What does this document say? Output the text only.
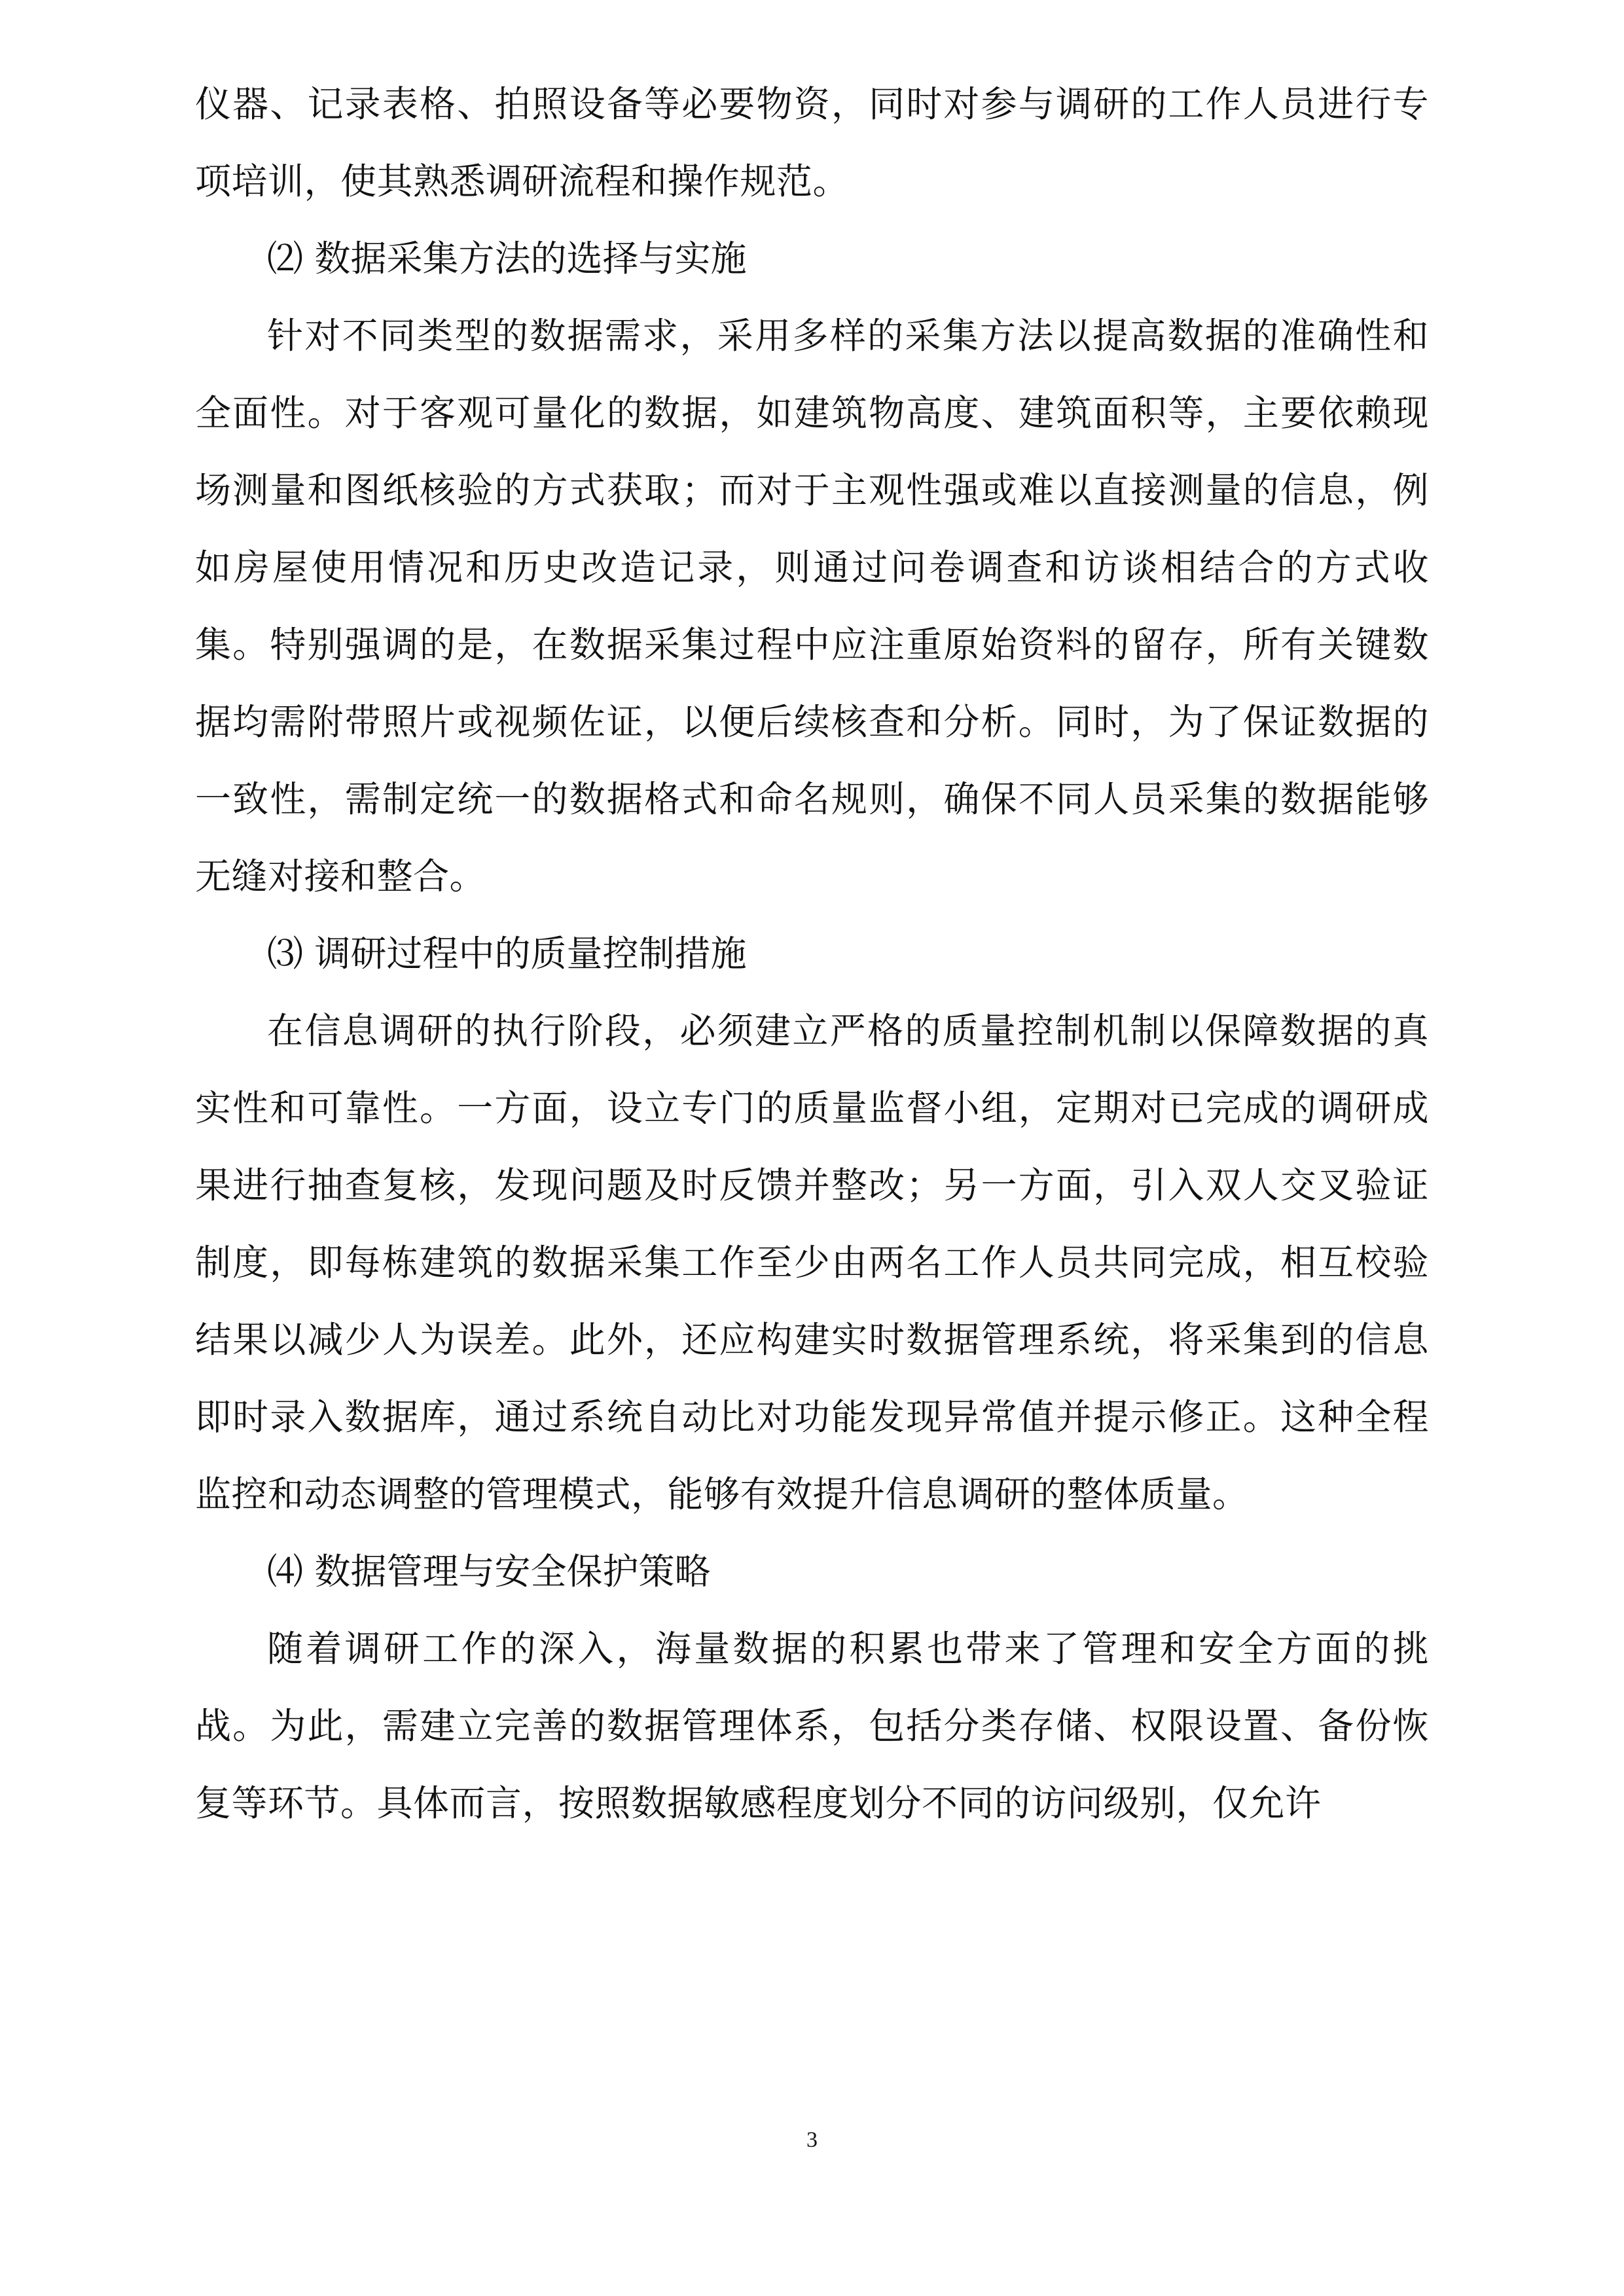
仪器、记录表格、拍照设备等必要物资，同时对参与调研的工作人员进行专项培训，使其熟悉调研流程和操作规范。

⑵ 数据采集方法的选择与实施

针对不同类型的数据需求，采用多样的采集方法以提高数据的准确性和全面性。对于客观可量化的数据，如建筑物高度、建筑面积等，主要依赖现场测量和图纸核验的方式获取；而对于主观性强或难以直接测量的信息，例如房屋使用情况和历史改造记录，则通过问卷调查和访谈相结合的方式收集。特别强调的是，在数据采集过程中应注重原始资料的留存，所有关键数据均需附带照片或视频佐证，以便后续核查和分析。同时，为了保证数据的一致性，需制定统一的数据格式和命名规则，确保不同人员采集的数据能够无缝对接和整合。

⑶ 调研过程中的质量控制措施

在信息调研的执行阶段，必须建立严格的质量控制机制以保障数据的真实性和可靠性。一方面，设立专门的质量监督小组，定期对已完成的调研成果进行抽查复核，发现问题及时反馈并整改；另一方面，引入双人交叉验证制度，即每栋建筑的数据采集工作至少由两名工作人员共同完成，相互校验结果以减少人为误差。此外，还应构建实时数据管理系统，将采集到的信息即时录入数据库，通过系统自动比对功能发现异常值并提示修正。这种全程监控和动态调整的管理模式，能够有效提升信息调研的整体质量。

⑷ 数据管理与安全保护策略

随着调研工作的深入，海量数据的积累也带来了管理和安全方面的挑战。为此，需建立完善的数据管理体系，包括分类存储、权限设置、备份恢复等环节。具体而言，按照数据敏感程度划分不同的访问级别，仅允许

3
